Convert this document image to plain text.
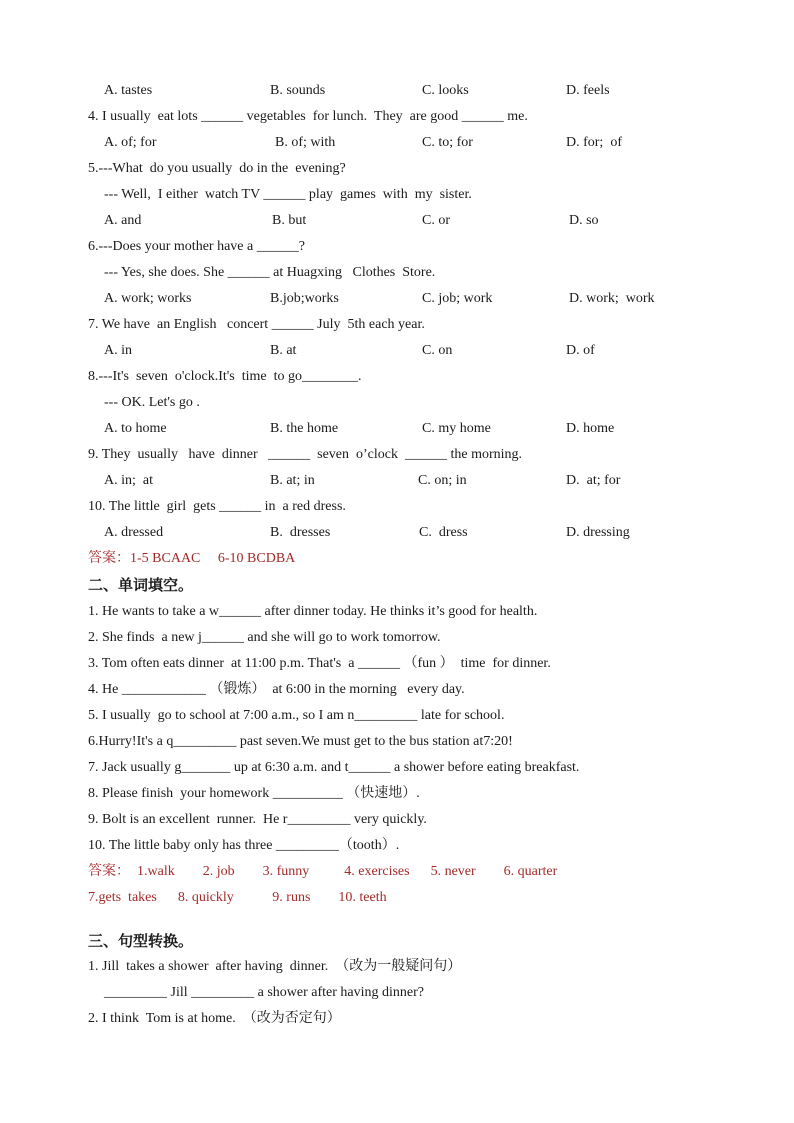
A. tastes	B. sounds	C. looks	D. feels
4. I usually  eat lots ______ vegetables  for lunch.  They  are good ______ me.
A. of; for	B. of; with	C. to; for	D. for;  of
5.---What  do you usually  do in the  evening?
--- Well,  I either  watch TV ______ play  games  with  my  sister.
A. and	B. but	C. or	D. so
6.---Does your mother have a ______?
--- Yes, she does. She ______ at Huagxing   Clothes  Store.
A. work; works	B.job;works	C. job; work	D. work;  work
7. We have  an English   concert ______ July  5th each year.
A. in	B. at	C. on	D. of
8.---It's  seven  o'clock.It's  time  to go________.
--- OK. Let's go .
A. to home	B. the home	C. my home	D. home
9. They  usually   have  dinner   ______  seven  o’clock  ______ the morning.
A. in;  at	B. at; in	C. on; in	D.  at; for
10. The little  girl  gets ______ in  a red dress.
A. dressed	B.  dresses	C.  dress	D. dressing
答案：1-5 BCAAC     6-10 BCDBA
二、单词填空。
1. He wants to take a w______ after dinner today. He thinks it’s good for health.
2. She finds  a new j______ and she will go to work tomorrow.
3. Tom often eats dinner  at 11:00 p.m. That's  a ______ （fun ）  time  for dinner.
4. He ____________ （锻炼）  at 6:00 in the morning   every day.
5. I usually  go to school at 7:00 a.m., so I am n_________ late for school.
6.Hurry!It's a q_________ past seven.We must get to the bus station at7:20!
7. Jack usually g_______ up at 6:30 a.m. and t______ a shower before eating breakfast.
8. Please finish  your homework __________ （快速地）.
9. Bolt is an excellent  runner.  He r_________ very quickly.
10. The little baby only has three _________（tooth）.
答案：  1.walk        2. job        3. funny          4. exercises      5. never        6. quarter
7.gets  takes      8. quickly           9. runs        10. teeth
三、句型转换。
1. Jill  takes a shower  after having  dinner.  （改为一般疑问句）
_________ Jill _________ a shower after having dinner?
2. I think  Tom is at home.  （改为否定句）
